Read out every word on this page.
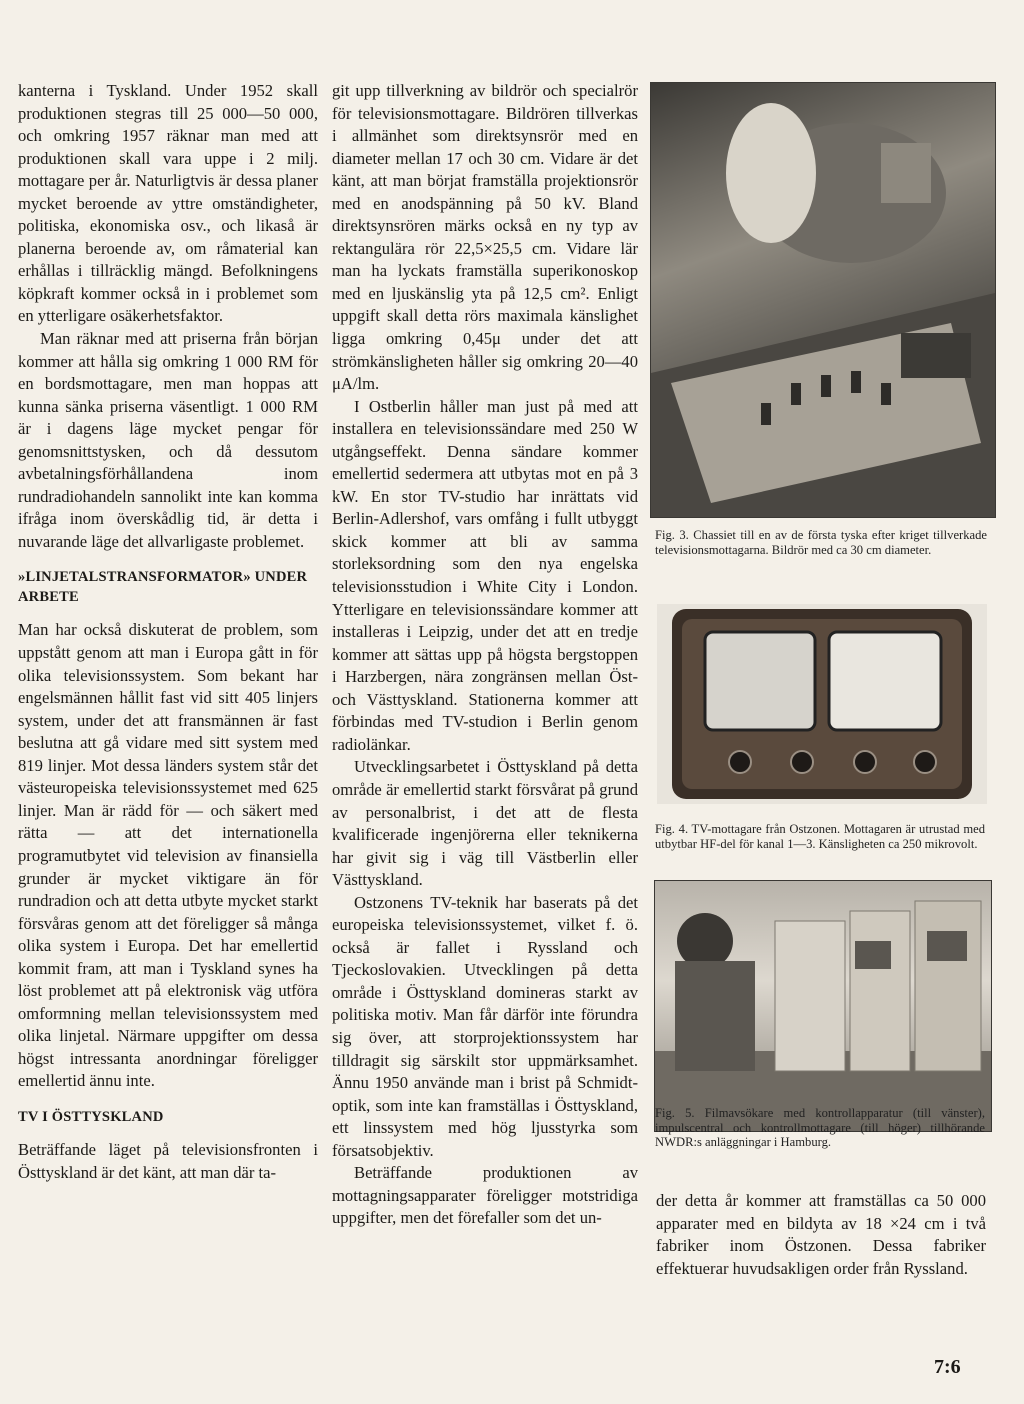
kanterna i Tyskland. Under 1952 skall produktionen stegras till 25 000—50 000, och omkring 1957 räknar man med att produktionen skall vara uppe i 2 milj. mottagare per år. Naturligtvis är dessa planer mycket beroende av yttre omständigheter, politiska, ekonomiska osv., och likaså är planerna beroende av, om råmaterial kan erhållas i tillräcklig mängd. Befolkningens köpkraft kommer också in i problemet som en ytterligare osäkerhetsfaktor.

Man räknar med att priserna från början kommer att hålla sig omkring 1 000 RM för en bordsmottagare, men man hoppas att kunna sänka priserna väsentligt. 1 000 RM är i dagens läge mycket pengar för genomsnittstysken, och då dessutom avbetalningsförhållandena inom rundradiohandeln sannolikt inte kan komma ifråga inom överskådlig tid, är detta i nuvarande läge det allvarligaste problemet.

»LINJETALSTRANSFORMATOR» UNDER ARBETE

Man har också diskuterat de problem, som uppstått genom att man i Europa gått in för olika televisionssystem. Som bekant har engelsmännen hållit fast vid sitt 405 linjers system, under det att fransmännen är fast beslutna att gå vidare med sitt system med 819 linjer. Mot dessa länders system står det västeuropeiska televisionssystemet med 625 linjer. Man är rädd för — och säkert med rätta — att det internationella programutbytet vid television av finansiella grunder är mycket viktigare än för rundradion och att detta utbyte mycket starkt försvåras genom att det föreligger så många olika system i Europa. Det har emellertid kommit fram, att man i Tyskland synes ha löst problemet att på elektronisk väg utföra omformning mellan televisionssystem med olika linjetal. Närmare uppgifter om dessa högst intressanta anordningar föreligger emellertid ännu inte.

TV I ÖSTTYSKLAND

Beträffande läget på televisionsfronten i Östtyskland är det känt, att man där ta-

git upp tillverkning av bildrör och specialrör för televisionsmottagare. Bildrören tillverkas i allmänhet som direktsynsrör med en diameter mellan 17 och 30 cm. Vidare är det känt, att man börjat framställa projektionsrör med en anodspänning på 50 kV. Bland direktsynsrören märks också en ny typ av rektangulära rör 22,5×25,5 cm. Vidare lär man ha lyckats framställa superikonoskop med en ljuskänslig yta på 12,5 cm². Enligt uppgift skall detta rörs maximala känslighet ligga omkring 0,45μ under det att strömkänsligheten håller sig omkring 20—40 μA/lm.

I Ostberlin håller man just på med att installera en televisionssändare med 250 W utgångseffekt. Denna sändare kommer emellertid sedermera att utbytas mot en på 3 kW. En stor TV-studio har inrättats vid Berlin-Adlershof, vars omfång i fullt utbyggt skick kommer att bli av samma storleksordning som den nya engelska televisionsstudion i White City i London. Ytterligare en televisionssändare kommer att installeras i Leipzig, under det att en tredje kommer att sättas upp på högsta bergstoppen i Harzbergen, nära zongränsen mellan Öst- och Västtyskland. Stationerna kommer att förbindas med TV-studion i Berlin genom radiolänkar.

Utvecklingsarbetet i Östtyskland på detta område är emellertid starkt försvårat på grund av personalbrist, i det att de flesta kvalificerade ingenjörerna eller teknikerna har givit sig i väg till Västberlin eller Västtyskland.

Ostzonens TV-teknik har baserats på det europeiska televisionssystemet, vilket f. ö. också är fallet i Ryssland och Tjeckoslovakien. Utvecklingen på detta område i Östtyskland domineras starkt av politiska motiv. Man får därför inte förundra sig över, att storprojektionssystem har tilldragit sig särskilt stor uppmärksamhet. Ännu 1950 använde man i brist på Schmidt-optik, som inte kan framställas i Östtyskland, ett linssystem med hög ljusstyrka som försatsobjektiv.

Beträffande produktionen av mottagningsapparater föreligger motstridiga uppgifter, men det förefaller som det un-

Fig. 3. Chassiet till en av de första tyska efter kriget tillverkade televisionsmottagarna. Bildrör med ca 30 cm diameter.
Fig. 4. TV-mottagare från Ostzonen. Mottagaren är utrustad med utbytbar HF-del för kanal 1—3. Känsligheten ca 250 mikrovolt.
Fig. 5. Filmavsökare med kontrollapparatur (till vänster), impulscentral och kontrollmottagare (till höger) tillhörande NWDR:s anläggningar i Hamburg.

der detta år kommer att framställas ca 50 000 apparater med en bildyta av 18 ×24 cm i två fabriker inom Östzonen. Dessa fabriker effektuerar huvudsakligen order från Ryssland.

7:6
